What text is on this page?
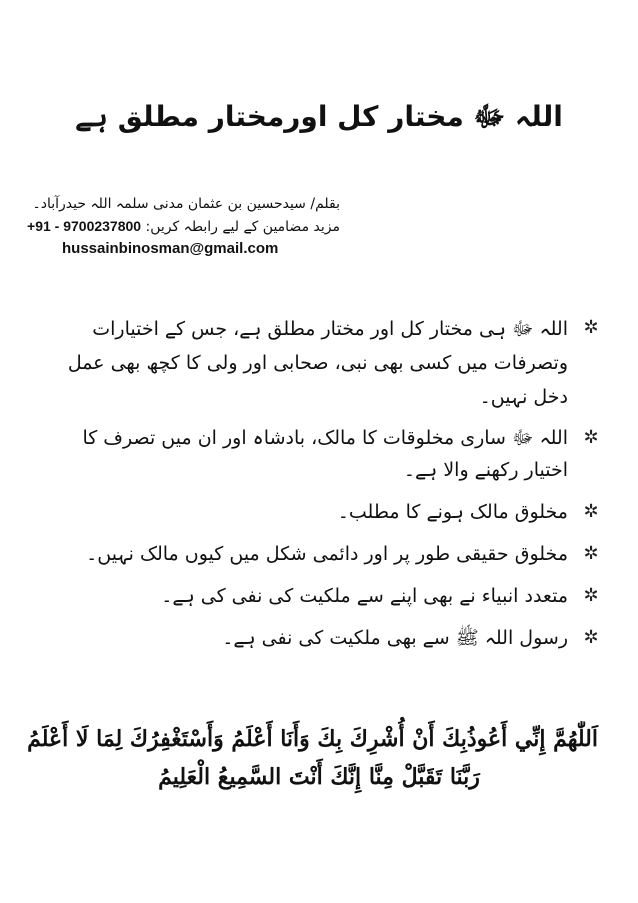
اللہ ﷻ مختار کل اورمختار مطلق ہے
بقلم/ سیدحسین بن عثمان مدنی سلمہ اللہ حیدرآباد۔
مزید مضامین کے لیے رابطہ کریں: +91 - 9700237800
hussainbinosman@gmail.com
✲
اللہ ﷻ ہی مختار کل اور مختار مطلق ہے، جس کے اختیارات وتصرفات میں کسی بھی نبی، صحابی اور ولی کا کچھ بھی عمل دخل نہیں۔
✲
اللہ ﷻ ساری مخلوقات کا مالک، بادشاہ اور ان میں تصرف کا اختیار رکھنے والا ہے۔
✲
مخلوق مالک ہونے کا مطلب۔
✲
مخلوق حقیقی طور پر اور دائمی شکل میں کیوں مالک نہیں۔
✲
متعدد انبیاء نے بھی اپنے سے ملکیت کی نفی کی ہے۔
✲
رسول اللہ ﷺ سے بھی ملکیت کی نفی ہے۔
اَللّٰھُمَّ إِنِّي أَعُوذُبِكَ أَنْ أُشْرِكَ بِكَ وَأَنَا أَعْلَمُ وَأَسْتَغْفِرُكَ لِمَا لَا أَعْلَمُ
رَبَّنَا تَقَبَّلْ مِنَّا إِنَّكَ أَنْتَ السَّمِيعُ الْعَلِيمُ
